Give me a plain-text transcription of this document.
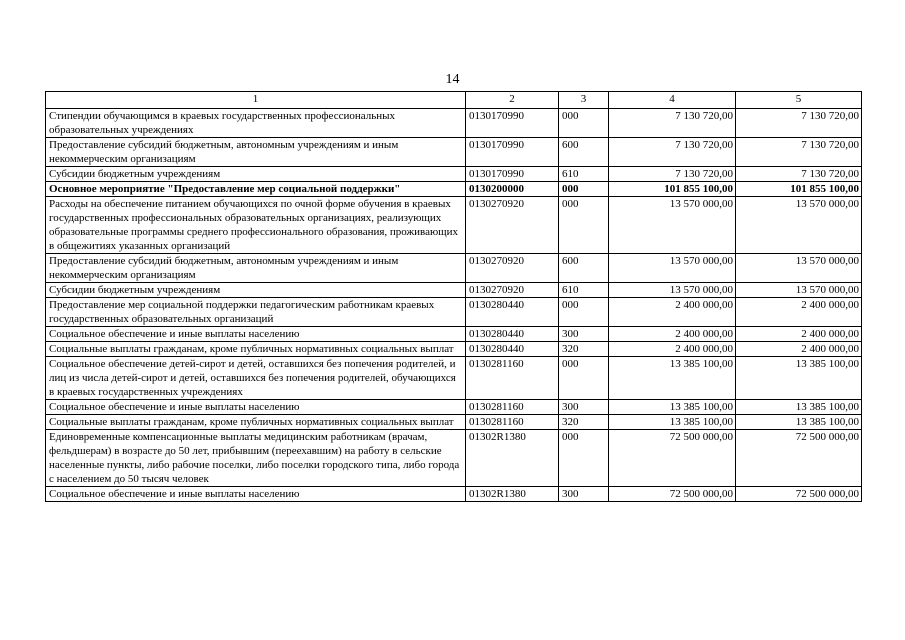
14
1	2	3	4	5
Стипендии обучающимся в краевых государственных профессиональных образовательных учреждениях	0130170990	000	7 130 720,00	7 130 720,00
Предоставление субсидий бюджетным, автономным учреждениям и иным некоммерческим организациям	0130170990	600	7 130 720,00	7 130 720,00
Субсидии бюджетным учреждениям	0130170990	610	7 130 720,00	7 130 720,00
Основное мероприятие "Предоставление мер социальной поддержки"	0130200000	000	101 855 100,00	101 855 100,00
Расходы на обеспечение питанием обучающихся по очной форме обучения в краевых государственных профессиональных образовательных организациях, реализующих образовательные программы среднего профессионального образования, проживающих в общежитиях указанных организаций	0130270920	000	13 570 000,00	13 570 000,00
Предоставление субсидий бюджетным, автономным учреждениям и иным некоммерческим организациям	0130270920	600	13 570 000,00	13 570 000,00
Субсидии бюджетным учреждениям	0130270920	610	13 570 000,00	13 570 000,00
Предоставление мер социальной поддержки педагогическим работникам краевых государственных образовательных организаций	0130280440	000	2 400 000,00	2 400 000,00
Социальное обеспечение и иные выплаты населению	0130280440	300	2 400 000,00	2 400 000,00
Социальные выплаты гражданам, кроме публичных нормативных социальных выплат	0130280440	320	2 400 000,00	2 400 000,00
Социальное обеспечение детей-сирот и детей, оставшихся без попечения родителей, и лиц из числа детей-сирот и детей, оставшихся без попечения родителей, обучающихся в краевых государственных учреждениях	0130281160	000	13 385 100,00	13 385 100,00
Социальное обеспечение и иные выплаты населению	0130281160	300	13 385 100,00	13 385 100,00
Социальные выплаты гражданам, кроме публичных нормативных социальных выплат	0130281160	320	13 385 100,00	13 385 100,00
Единовременные компенсационные выплаты медицинским работникам (врачам, фельдшерам) в возрасте до 50 лет, прибывшим (переехавшим) на работу в сельские населенные пункты, либо рабочие поселки, либо поселки городского типа, либо города с населением до 50 тысяч человек	01302R1380	000	72 500 000,00	72 500 000,00
Социальное обеспечение и иные выплаты населению	01302R1380	300	72 500 000,00	72 500 000,00
